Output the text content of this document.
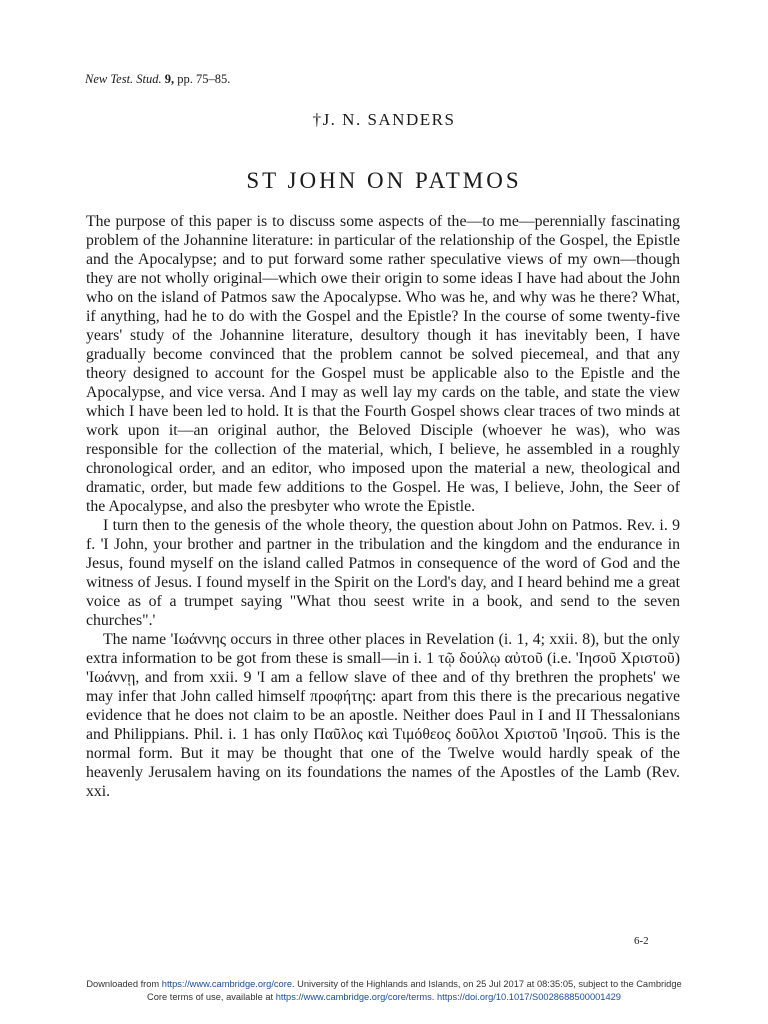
New Test. Stud. 9, pp. 75–85.

†J. N. SANDERS

ST JOHN ON PATMOS

The purpose of this paper is to discuss some aspects of the—to me—perennially fascinating problem of the Johannine literature: in particular of the relationship of the Gospel, the Epistle and the Apocalypse; and to put forward some rather speculative views of my own—though they are not wholly original—which owe their origin to some ideas I have had about the John who on the island of Patmos saw the Apocalypse. Who was he, and why was he there? What, if anything, had he to do with the Gospel and the Epistle? In the course of some twenty-five years' study of the Johannine literature, desultory though it has inevitably been, I have gradually become convinced that the problem cannot be solved piecemeal, and that any theory designed to account for the Gospel must be applicable also to the Epistle and the Apocalypse, and vice versa. And I may as well lay my cards on the table, and state the view which I have been led to hold. It is that the Fourth Gospel shows clear traces of two minds at work upon it—an original author, the Beloved Disciple (whoever he was), who was responsible for the collection of the material, which, I believe, he assembled in a roughly chronological order, and an editor, who imposed upon the material a new, theological and dramatic, order, but made few additions to the Gospel. He was, I believe, John, the Seer of the Apocalypse, and also the presbyter who wrote the Epistle.

I turn then to the genesis of the whole theory, the question about John on Patmos. Rev. i. 9 f. 'I John, your brother and partner in the tribulation and the kingdom and the endurance in Jesus, found myself on the island called Patmos in consequence of the word of God and the witness of Jesus. I found myself in the Spirit on the Lord's day, and I heard behind me a great voice as of a trumpet saying "What thou seest write in a book, and send to the seven churches".'

The name 'Ιωάννης occurs in three other places in Revelation (i. 1, 4; xxii. 8), but the only extra information to be got from these is small—in i. 1 τῷ δούλῳ αὐτοῦ (i.e. 'Ιησοῦ Χριστοῦ) 'Ιωάννῃ, and from xxii. 9 'I am a fellow slave of thee and of thy brethren the prophets' we may infer that John called himself προφήτης: apart from this there is the precarious negative evidence that he does not claim to be an apostle. Neither does Paul in I and II Thessalonians and Philippians. Phil. i. 1 has only Παῦλος καὶ Τιμόθεος δοῦλοι Χριστοῦ 'Ιησοῦ. This is the normal form. But it may be thought that one of the Twelve would hardly speak of the heavenly Jerusalem having on its foundations the names of the Apostles of the Lamb (Rev. xxi.

6-2

Downloaded from https://www.cambridge.org/core. University of the Highlands and Islands, on 25 Jul 2017 at 08:35:05, subject to the Cambridge
Core terms of use, available at https://www.cambridge.org/core/terms. https://doi.org/10.1017/S0028688500001429
